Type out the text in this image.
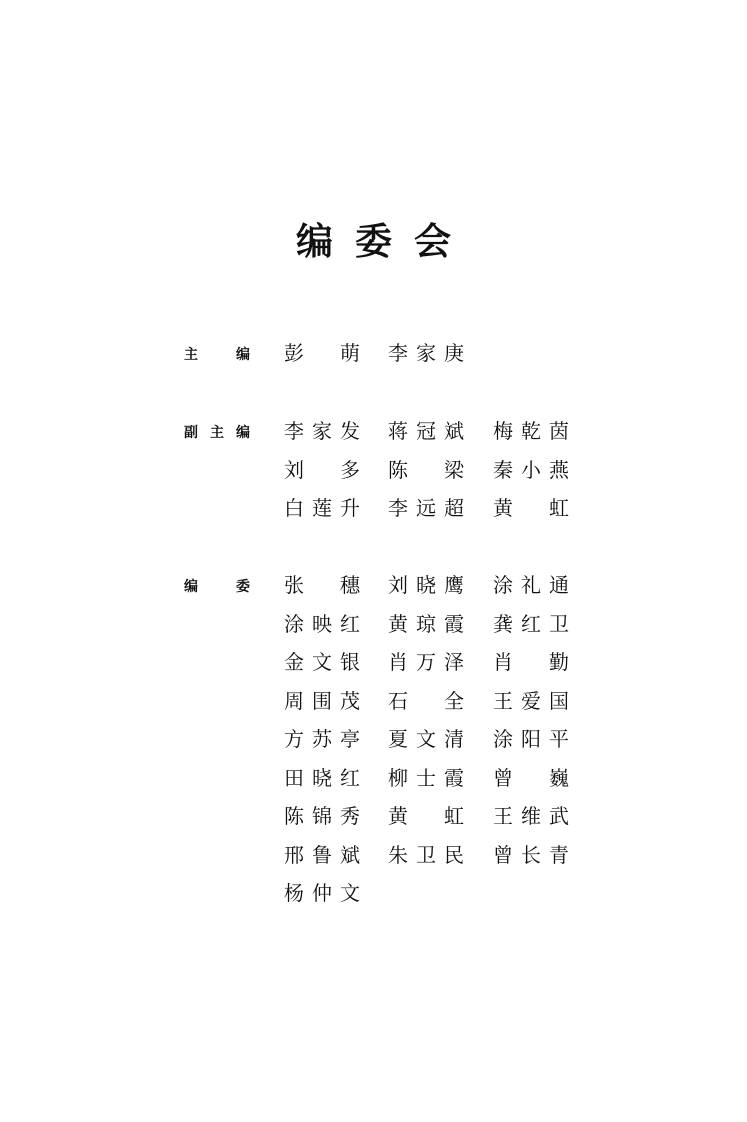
编委会
主 编 彭 萌 李家庚
副主编 李家发 蒋冠斌 梅乾茵
刘 多 陈 梁 秦小燕
白莲升 李远超 黄 虹
编 委 张 穗 刘晓鹰 涂礼通
涂映红 黄琼霞 龚红卫
金文银 肖万泽 肖 勤
周围茂 石 全 王爱国
方苏亭 夏文清 涂阳平
田晓红 柳士霞 曾 巍
陈锦秀 黄 虹 王维武
邢鲁斌 朱卫民 曾长青
杨仲文
